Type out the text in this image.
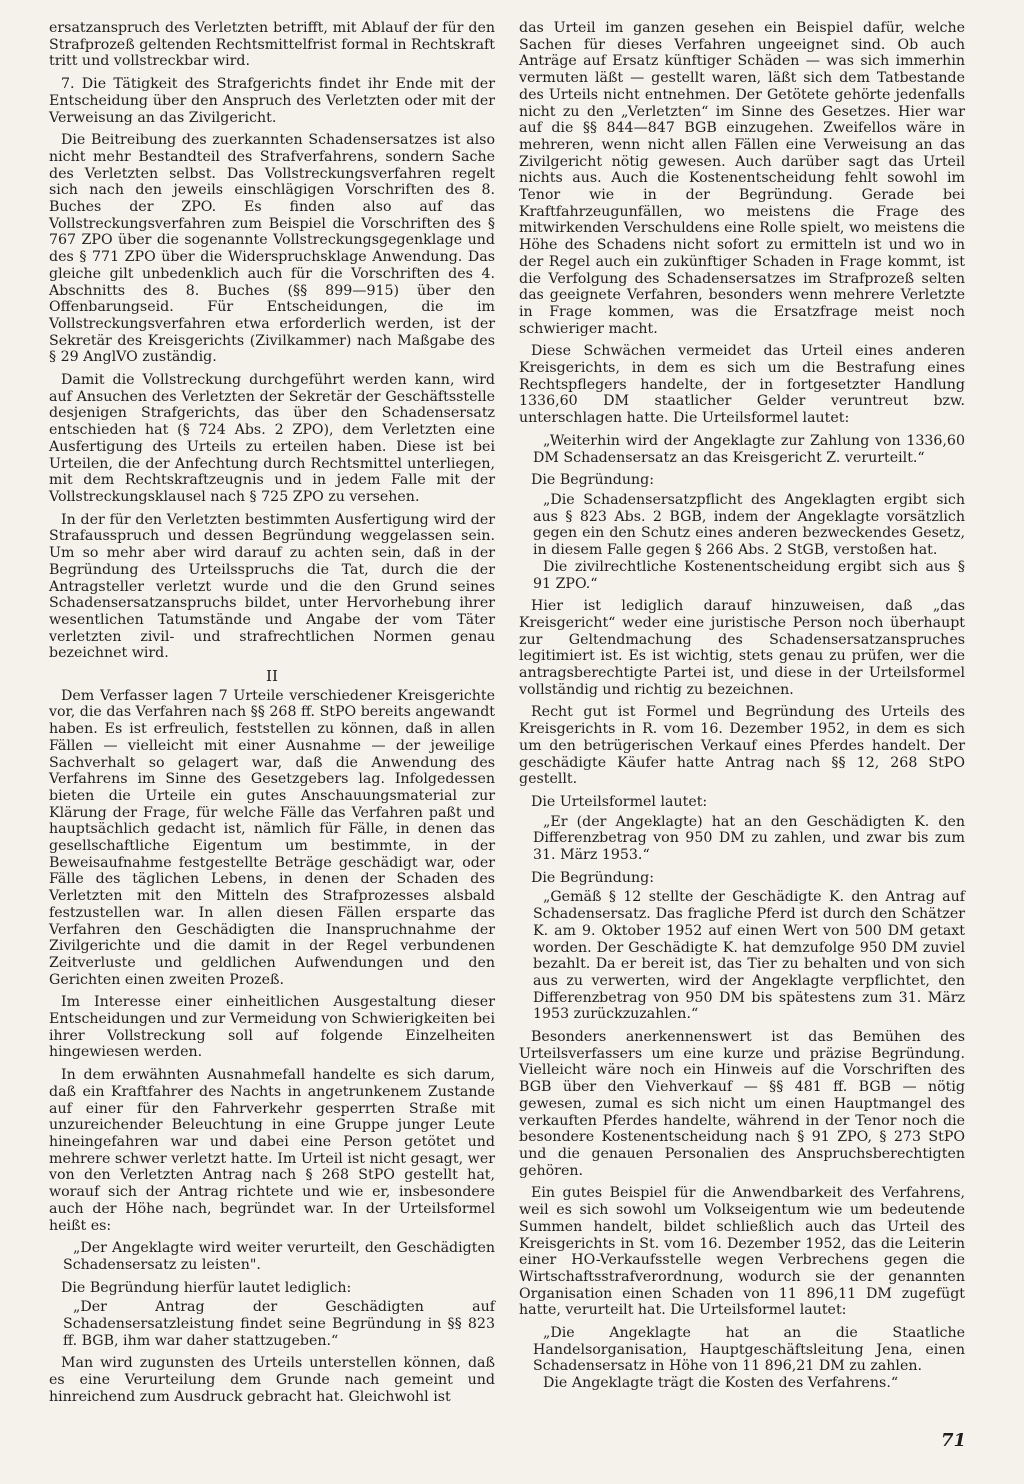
ersatzanspruch des Verletzten betrifft, mit Ablauf der für den Strafprozeß geltenden Rechtsmittelfrist formal in Rechtskraft tritt und vollstreckbar wird.

7. Die Tätigkeit des Strafgerichts findet ihr Ende mit der Entscheidung über den Anspruch des Verletzten oder mit der Verweisung an das Zivilgericht.

Die Beitreibung des zuerkannten Schadensersatzes ist also nicht mehr Bestandteil des Strafverfahrens, sondern Sache des Verletzten selbst. Das Vollstreckungsverfahren regelt sich nach den jeweils einschlägigen Vorschriften des 8. Buches der ZPO. Es finden also auf das Vollstreckungsverfahren zum Beispiel die Vorschriften des § 767 ZPO über die sogenannte Vollstreckungsgegenklage und des § 771 ZPO über die Widerspruchsklage Anwendung. Das gleiche gilt unbedenklich auch für die Vorschriften des 4. Abschnitts des 8. Buches (§§ 899—915) über den Offenbarungseid. Für Entscheidungen, die im Vollstreckungsverfahren etwa erforderlich werden, ist der Sekretär des Kreisgerichts (Zivilkammer) nach Maßgabe des § 29 AnglVO zuständig.

Damit die Vollstreckung durchgeführt werden kann, wird auf Ansuchen des Verletzten der Sekretär der Geschäftsstelle desjenigen Strafgerichts, das über den Schadensersatz entschieden hat (§ 724 Abs. 2 ZPO), dem Verletzten eine Ausfertigung des Urteils zu erteilen haben. Diese ist bei Urteilen, die der Anfechtung durch Rechtsmittel unterliegen, mit dem Rechtskraftzeugnis und in jedem Falle mit der Vollstreckungsklausel nach § 725 ZPO zu versehen.

In der für den Verletzten bestimmten Ausfertigung wird der Strafausspruch und dessen Begründung weggelassen sein. Um so mehr aber wird darauf zu achten sein, daß in der Begründung des Urteilsspruchs die Tat, durch die der Antragsteller verletzt wurde und die den Grund seines Schadensersatzanspruchs bildet, unter Hervorhebung ihrer wesentlichen Tatumstände und Angabe der vom Täter verletzten zivil- und strafrechtlichen Normen genau bezeichnet wird.

II

Dem Verfasser lagen 7 Urteile verschiedener Kreisgerichte vor, die das Verfahren nach §§ 268 ff. StPO bereits angewandt haben. Es ist erfreulich, feststellen zu können, daß in allen Fällen — vielleicht mit einer Ausnahme — der jeweilige Sachverhalt so gelagert war, daß die Anwendung des Verfahrens im Sinne des Gesetzgebers lag. Infolgedessen bieten die Urteile ein gutes Anschauungsmaterial zur Klärung der Frage, für welche Fälle das Verfahren paßt und hauptsächlich gedacht ist, nämlich für Fälle, in denen das gesellschaftliche Eigentum um bestimmte, in der Beweisaufnahme festgestellte Beträge geschädigt war, oder Fälle des täglichen Lebens, in denen der Schaden des Verletzten mit den Mitteln des Strafprozesses alsbald festzustellen war. In allen diesen Fällen ersparte das Verfahren den Geschädigten die Inanspruchnahme der Zivilgerichte und die damit in der Regel verbundenen Zeitverluste und geldlichen Aufwendungen und den Gerichten einen zweiten Prozeß.

Im Interesse einer einheitlichen Ausgestaltung dieser Entscheidungen und zur Vermeidung von Schwierigkeiten bei ihrer Vollstreckung soll auf folgende Einzelheiten hingewiesen werden.

In dem erwähnten Ausnahmefall handelte es sich darum, daß ein Kraftfahrer des Nachts in angetrunkenem Zustande auf einer für den Fahrverkehr gesperrten Straße mit unzureichender Beleuchtung in eine Gruppe junger Leute hineingefahren war und dabei eine Person getötet und mehrere schwer verletzt hatte. Im Urteil ist nicht gesagt, wer von den Verletzten Antrag nach § 268 StPO gestellt hat, worauf sich der Antrag richtete und wie er, insbesondere auch der Höhe nach, begründet war. In der Urteilsformel heißt es:

„Der Angeklagte wird weiter verurteilt, den Geschädigten Schadensersatz zu leisten".

Die Begründung hierfür lautet lediglich:

„Der Antrag der Geschädigten auf Schadensersatzleistung findet seine Begründung in §§ 823 ff. BGB, ihm war daher stattzugeben.“

Man wird zugunsten des Urteils unterstellen können, daß es eine Verurteilung dem Grunde nach gemeint und hinreichend zum Ausdruck gebracht hat. Gleichwohl ist

das Urteil im ganzen gesehen ein Beispiel dafür, welche Sachen für dieses Verfahren ungeeignet sind. Ob auch Anträge auf Ersatz künftiger Schäden — was sich immerhin vermuten läßt — gestellt waren, läßt sich dem Tatbestande des Urteils nicht entnehmen. Der Getötete gehörte jedenfalls nicht zu den „Verletzten“ im Sinne des Gesetzes. Hier war auf die §§ 844—847 BGB einzugehen. Zweifellos wäre in mehreren, wenn nicht allen Fällen eine Verweisung an das Zivilgericht nötig gewesen. Auch darüber sagt das Urteil nichts aus. Auch die Kostenentscheidung fehlt sowohl im Tenor wie in der Begründung. Gerade bei Kraftfahrzeugunfällen, wo meistens die Frage des mitwirkenden Verschuldens eine Rolle spielt, wo meistens die Höhe des Schadens nicht sofort zu ermitteln ist und wo in der Regel auch ein zukünftiger Schaden in Frage kommt, ist die Verfolgung des Schadensersatzes im Strafprozeß selten das geeignete Verfahren, besonders wenn mehrere Verletzte in Frage kommen, was die Ersatzfrage meist noch schwieriger macht.

Diese Schwächen vermeidet das Urteil eines anderen Kreisgerichts, in dem es sich um die Bestrafung eines Rechtspflegers handelte, der in fortgesetzter Handlung 1336,60 DM staatlicher Gelder veruntreut bzw. unterschlagen hatte. Die Urteilsformel lautet:

„Weiterhin wird der Angeklagte zur Zahlung von 1336,60 DM Schadensersatz an das Kreisgericht Z. verurteilt.“

Die Begründung:

„Die Schadensersatzpflicht des Angeklagten ergibt sich aus § 823 Abs. 2 BGB, indem der Angeklagte vorsätzlich gegen ein den Schutz eines anderen bezweckendes Gesetz, in diesem Falle gegen § 266 Abs. 2 StGB, verstoßen hat.

Die zivilrechtliche Kostenentscheidung ergibt sich aus § 91 ZPO.“

Hier ist lediglich darauf hinzuweisen, daß „das Kreisgericht“ weder eine juristische Person noch überhaupt zur Geltendmachung des Schadensersatzanspruches legitimiert ist. Es ist wichtig, stets genau zu prüfen, wer die antragsberechtigte Partei ist, und diese in der Urteilsformel vollständig und richtig zu bezeichnen.

Recht gut ist Formel und Begründung des Urteils des Kreisgerichts in R. vom 16. Dezember 1952, in dem es sich um den betrügerischen Verkauf eines Pferdes handelt. Der geschädigte Käufer hatte Antrag nach §§ 12, 268 StPO gestellt.

Die Urteilsformel lautet:

„Er (der Angeklagte) hat an den Geschädigten K. den Differenzbetrag von 950 DM zu zahlen, und zwar bis zum 31. März 1953.“

Die Begründung:

„Gemäß § 12 stellte der Geschädigte K. den Antrag auf Schadensersatz. Das fragliche Pferd ist durch den Schätzer K. am 9. Oktober 1952 auf einen Wert von 500 DM getaxt worden. Der Geschädigte K. hat demzufolge 950 DM zuviel bezahlt. Da er bereit ist, das Tier zu behalten und von sich aus zu verwerten, wird der Angeklagte verpflichtet, den Differenzbetrag von 950 DM bis spätestens zum 31. März 1953 zurückzuzahlen.“

Besonders anerkennenswert ist das Bemühen des Urteilsverfassers um eine kurze und präzise Begründung. Vielleicht wäre noch ein Hinweis auf die Vorschriften des BGB über den Viehverkauf — §§ 481 ff. BGB — nötig gewesen, zumal es sich nicht um einen Hauptmangel des verkauften Pferdes handelte, während in der Tenor noch die besondere Kostenentscheidung nach § 91 ZPO, § 273 StPO und die genauen Personalien des Anspruchsberechtigten gehören.

Ein gutes Beispiel für die Anwendbarkeit des Verfahrens, weil es sich sowohl um Volkseigentum wie um bedeutende Summen handelt, bildet schließlich auch das Urteil des Kreisgerichts in St. vom 16. Dezember 1952, das die Leiterin einer HO-Verkaufsstelle wegen Verbrechens gegen die Wirtschaftsstrafverordnung, wodurch sie der genannten Organisation einen Schaden von 11 896,11 DM zugefügt hatte, verurteilt hat. Die Urteilsformel lautet:

„Die Angeklagte hat an die Staatliche Handelsorganisation, Hauptgeschäftsleitung Jena, einen Schadensersatz in Höhe von 11 896,21 DM zu zahlen.

Die Angeklagte trägt die Kosten des Verfahrens.“

71
